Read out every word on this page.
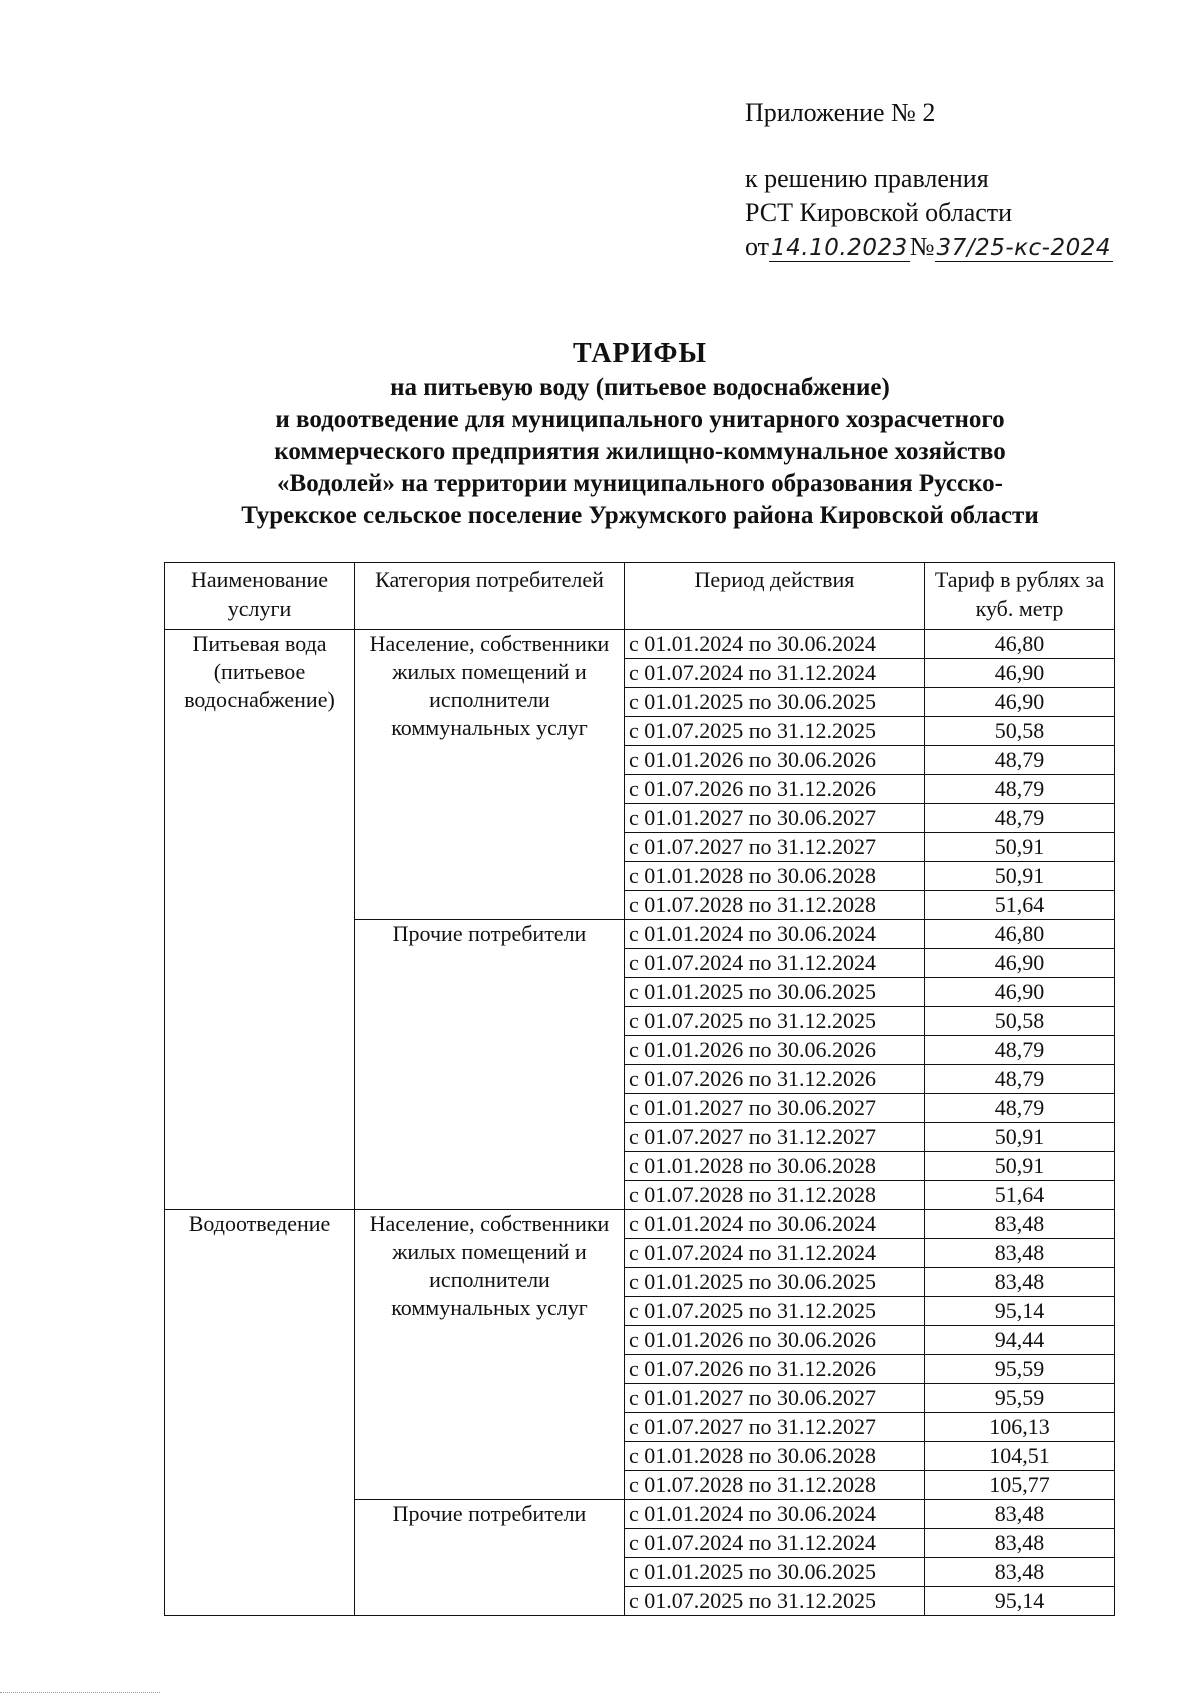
Приложение № 2
к решению правления
РСТ Кировской области
от14.10.2023№37/25-кс-2024
ТАРИФЫ
на питьевую воду (питьевое водоснабжение)
и водоотведение для муниципального унитарного хозрасчетного
коммерческого предприятия жилищно-коммунальное хозяйство
«Водолей» на территории муниципального образования Русско-
Турекское сельское поселение Уржумского района Кировской области
Наименование услуги	Категория потребителей	Период действия	Тариф в рублях за куб. метр
Питьевая вода (питьевое водоснабжение)	Население, собственники жилых помещений и исполнители коммунальных услуг	с 01.01.2024 по 30.06.2024	46,80
		с 01.07.2024 по 31.12.2024	46,90
		с 01.01.2025 по 30.06.2025	46,90
		с 01.07.2025 по 31.12.2025	50,58
		с 01.01.2026 по 30.06.2026	48,79
		с 01.07.2026 по 31.12.2026	48,79
		с 01.01.2027 по 30.06.2027	48,79
		с 01.07.2027 по 31.12.2027	50,91
		с 01.01.2028 по 30.06.2028	50,91
		с 01.07.2028 по 31.12.2028	51,64
	Прочие потребители	с 01.01.2024 по 30.06.2024	46,80
		с 01.07.2024 по 31.12.2024	46,90
		с 01.01.2025 по 30.06.2025	46,90
		с 01.07.2025 по 31.12.2025	50,58
		с 01.01.2026 по 30.06.2026	48,79
		с 01.07.2026 по 31.12.2026	48,79
		с 01.01.2027 по 30.06.2027	48,79
		с 01.07.2027 по 31.12.2027	50,91
		с 01.01.2028 по 30.06.2028	50,91
		с 01.07.2028 по 31.12.2028	51,64
Водоотведение	Население, собственники жилых помещений и исполнители коммунальных услуг	с 01.01.2024 по 30.06.2024	83,48
		с 01.07.2024 по 31.12.2024	83,48
		с 01.01.2025 по 30.06.2025	83,48
		с 01.07.2025 по 31.12.2025	95,14
		с 01.01.2026 по 30.06.2026	94,44
		с 01.07.2026 по 31.12.2026	95,59
		с 01.01.2027 по 30.06.2027	95,59
		с 01.07.2027 по 31.12.2027	106,13
		с 01.01.2028 по 30.06.2028	104,51
		с 01.07.2028 по 31.12.2028	105,77
	Прочие потребители	с 01.01.2024 по 30.06.2024	83,48
		с 01.07.2024 по 31.12.2024	83,48
		с 01.01.2025 по 30.06.2025	83,48
		с 01.07.2025 по 31.12.2025	95,14
